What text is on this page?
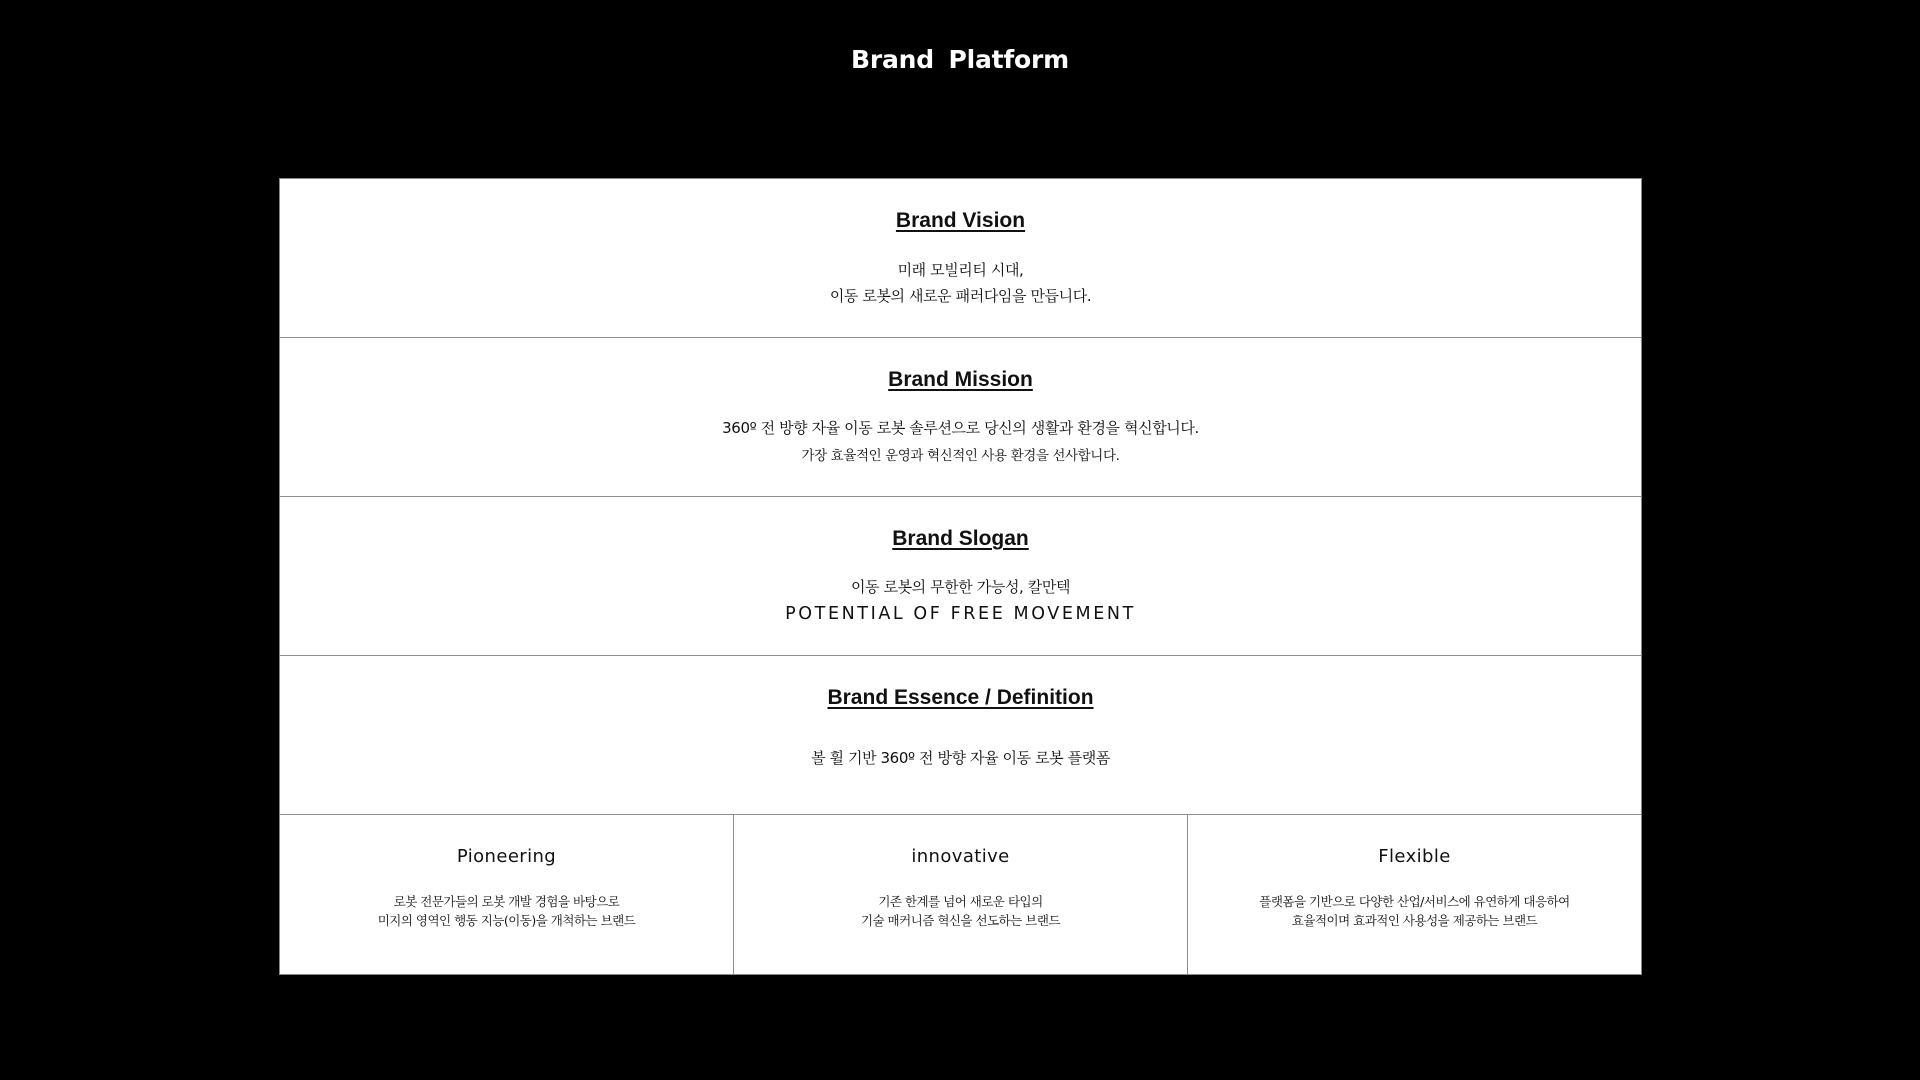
Brand Platform
Brand Vision
미래 모빌리티 시대,
이동 로봇의 새로운 패러다임을 만듭니다.
Brand Mission
360º 전 방향 자율 이동 로봇 솔루션으로 당신의 생활과 환경을 혁신합니다.
가장 효율적인 운영과 혁신적인 사용 환경을 선사합니다.
Brand Slogan
이동 로봇의 무한한 가능성, 칼만텍
POTENTIAL OF FREE MOVEMENT
Brand Essence / Definition
볼 휠 기반 360º 전 방향 자율 이동 로봇 플랫폼
Pioneering
로봇 전문가들의 로봇 개발 경험을 바탕으로
미지의 영역인 행동 지능(이동)을 개척하는 브랜드
innovative
기존 한계를 넘어 새로운 타입의
기술 매커니즘 혁신을 선도하는 브랜드
Flexible
플랫폼을 기반으로 다양한 산업/서비스에 유연하게 대응하여
효율적이며 효과적인 사용성을 제공하는 브랜드
